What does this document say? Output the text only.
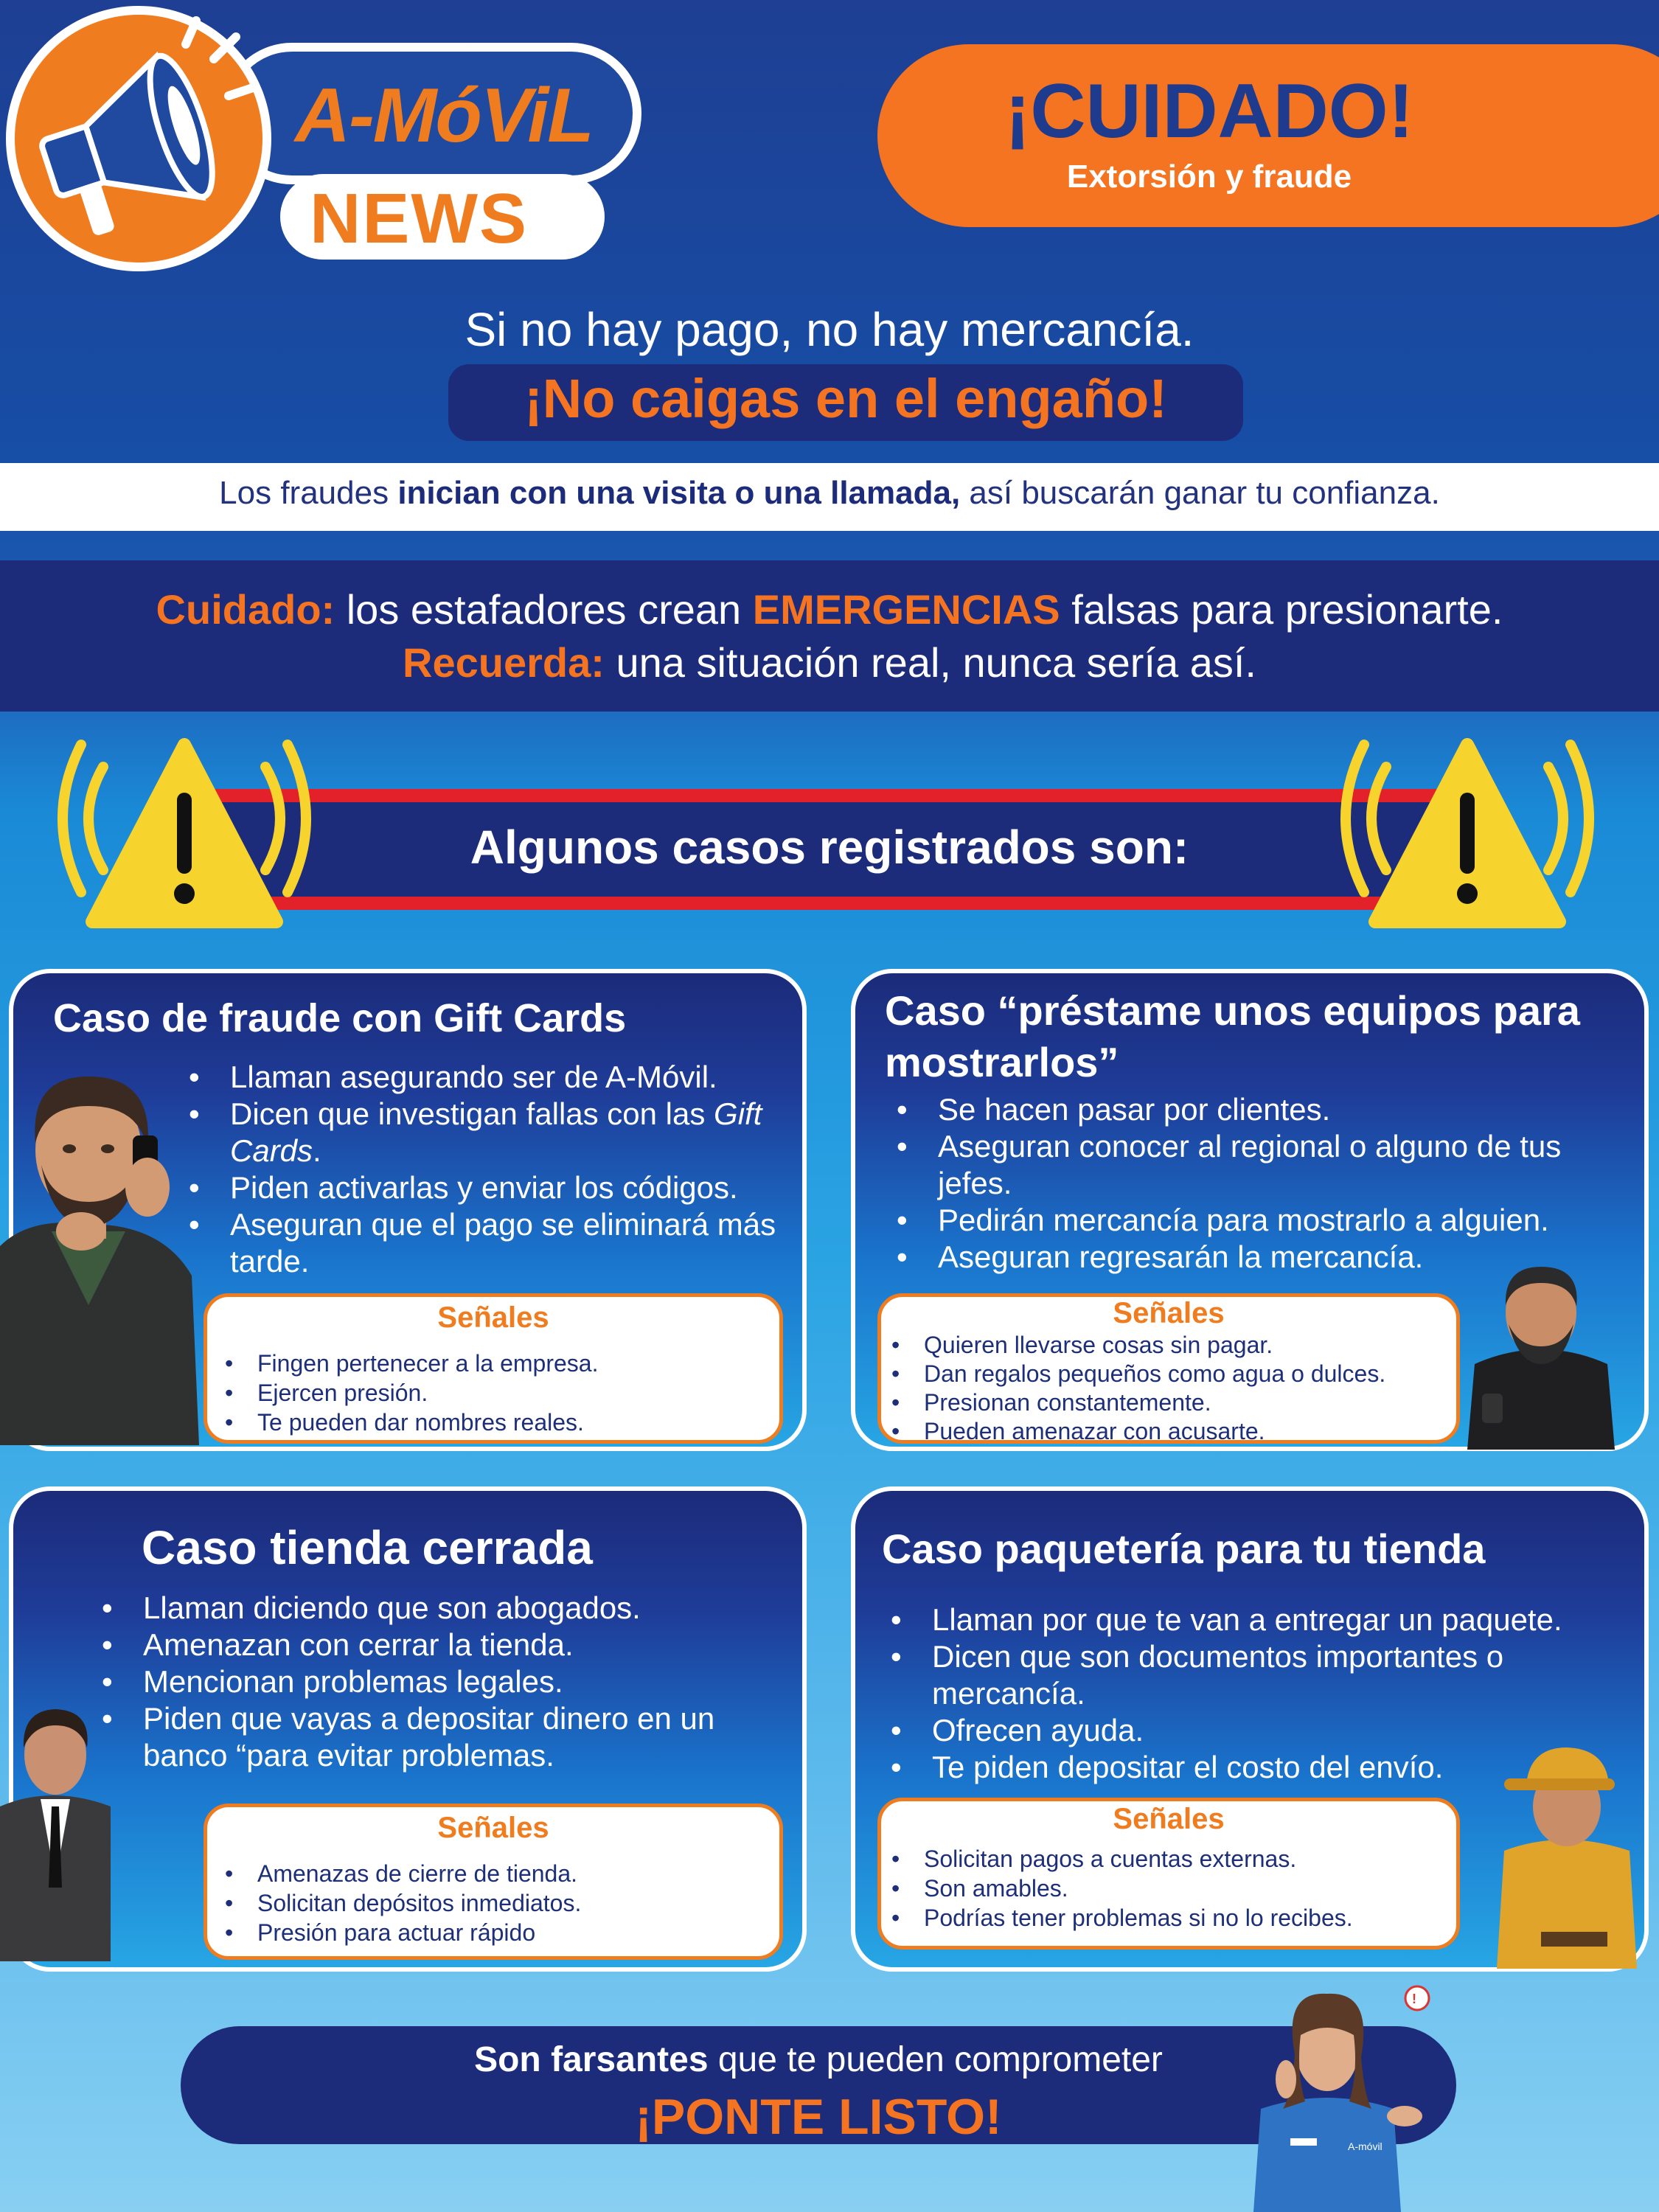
A-MóViL
NEWS
¡CUIDADO!
Extorsión y fraude
Si no hay pago, no hay mercancía.
¡No caigas en el engaño!
Los fraudes inician con una visita o una llamada, así buscarán ganar tu confianza.
Cuidado: los estafadores crean EMERGENCIAS falsas para presionarte.
Recuerda: una situación real, nunca sería así.
Algunos casos registrados son:
Caso de fraude con Gift Cards
• Llaman asegurando ser de A-Móvil.
• Dicen que investigan fallas con las Gift Cards.
• Piden activarlas y enviar los códigos.
• Aseguran que el pago se eliminará más tarde.
Señales
• Fingen pertenecer a la empresa.
• Ejercen presión.
• Te pueden dar nombres reales.
Caso “préstame unos equipos para mostrarlos”
• Se hacen pasar por clientes.
• Aseguran conocer al regional o alguno de tus jefes.
• Pedirán mercancía para mostrarlo a alguien.
• Aseguran regresarán la mercancía.
Señales
• Quieren llevarse cosas sin pagar.
• Dan regalos pequeños como agua o dulces.
• Presionan constantemente.
• Pueden amenazar con acusarte.
Caso tienda cerrada
• Llaman diciendo que son abogados.
• Amenazan con cerrar la tienda.
• Mencionan problemas legales.
• Piden que vayas a depositar dinero en un banco “para evitar problemas.
Señales
• Amenazas de cierre de tienda.
• Solicitan depósitos inmediatos.
• Presión para actuar rápido
Caso paquetería para tu tienda
• Llaman por que te van a entregar un paquete.
• Dicen que son documentos importantes o mercancía.
• Ofrecen ayuda.
• Te piden depositar el costo del envío.
Señales
• Solicitan pagos a cuentas externas.
• Son amables.
• Podrías tener problemas si no lo recibes.
Son farsantes que te pueden comprometer
¡PONTE LISTO!
A-móvil
!
